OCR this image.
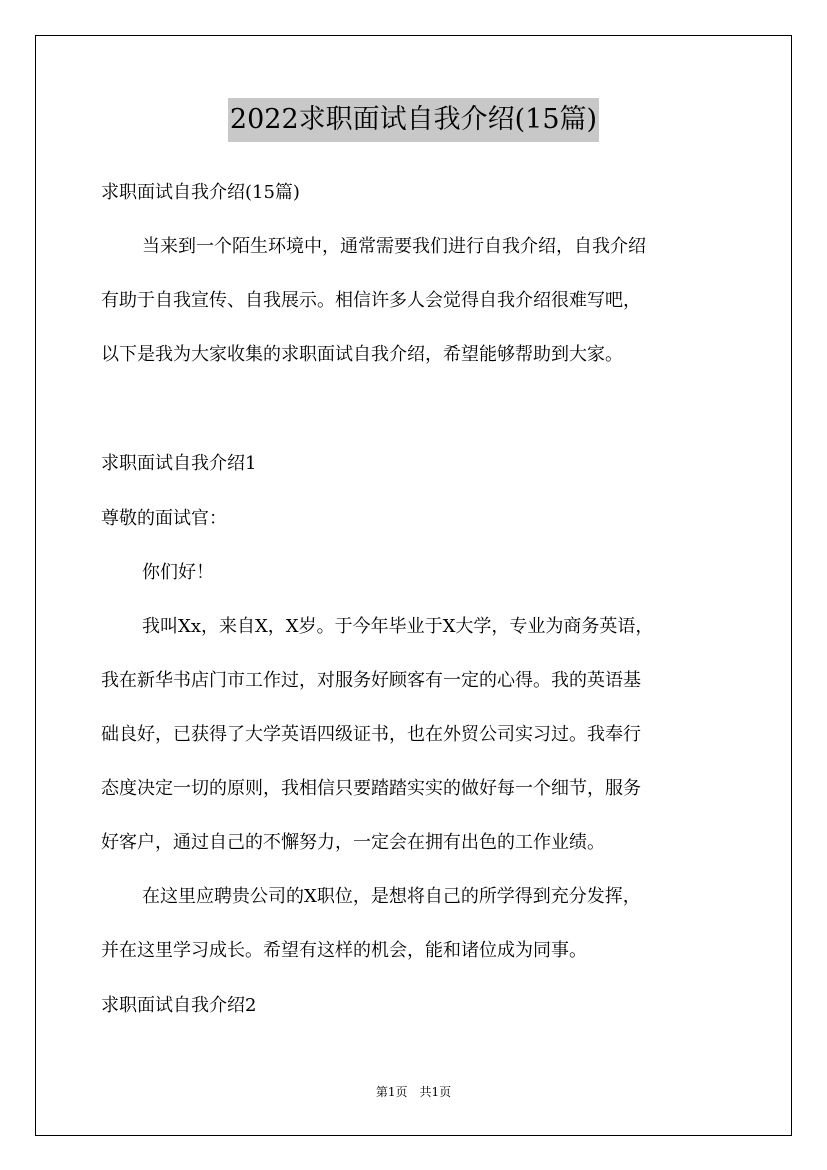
2022求职面试自我介绍(15篇)
求职面试自我介绍(15篇)
当来到一个陌生环境中，通常需要我们进行自我介绍，自我介绍
有助于自我宣传、自我展示。相信许多人会觉得自我介绍很难写吧，
以下是我为大家收集的求职面试自我介绍，希望能够帮助到大家。
求职面试自我介绍1
尊敬的面试官：
你们好！
我叫Xx，来自X，X岁。于今年毕业于X大学，专业为商务英语，
我在新华书店门市工作过，对服务好顾客有一定的心得。我的英语基
础良好，已获得了大学英语四级证书，也在外贸公司实习过。我奉行
态度决定一切的原则，我相信只要踏踏实实的做好每一个细节，服务
好客户，通过自己的不懈努力，一定会在拥有出色的工作业绩。
在这里应聘贵公司的X职位，是想将自己的所学得到充分发挥，
并在这里学习成长。希望有这样的机会，能和诸位成为同事。
求职面试自我介绍2
第1页　共1页
